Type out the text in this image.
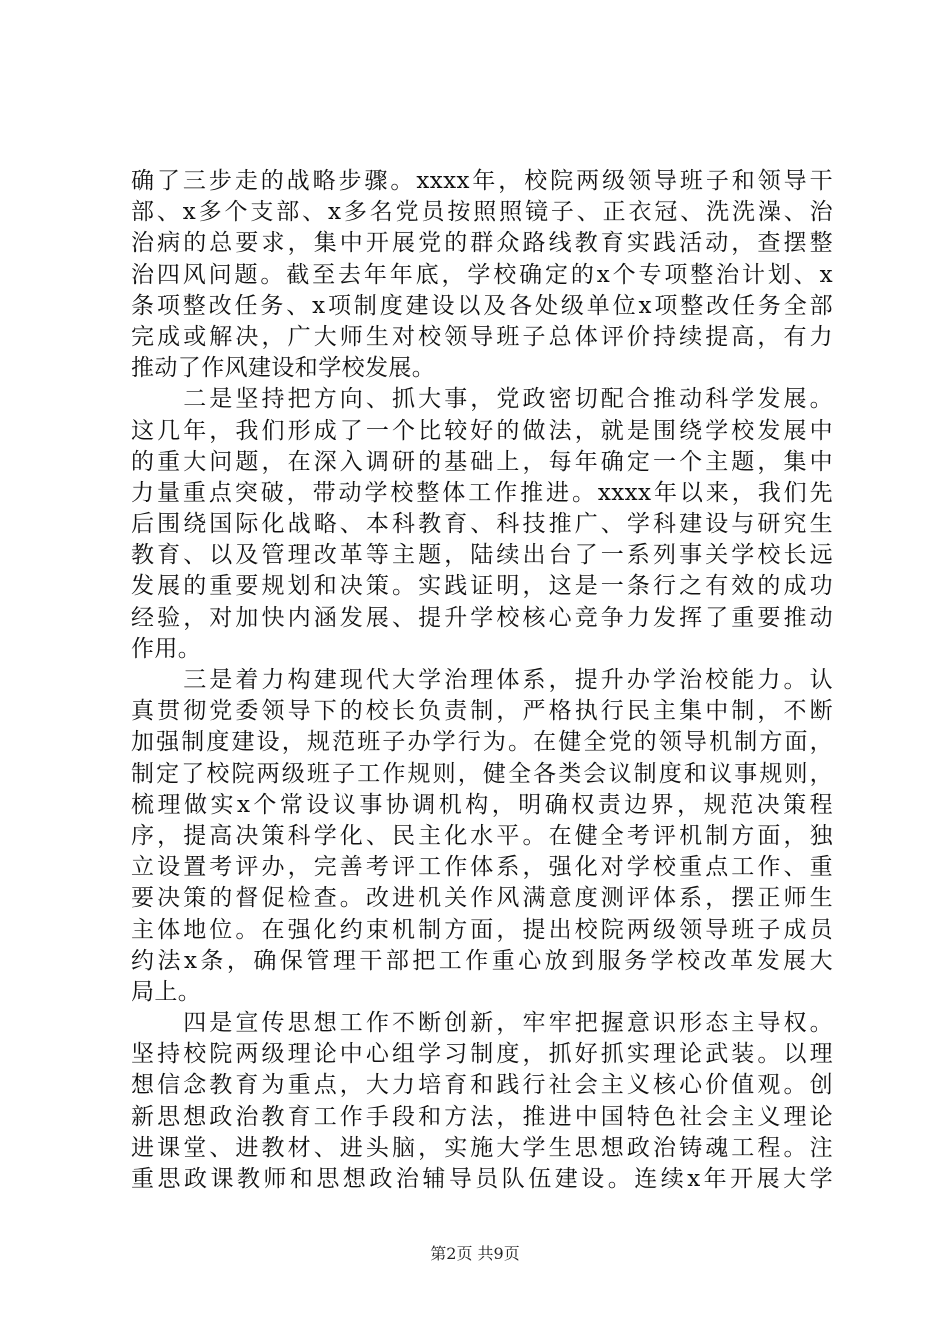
确了三步走的战略步骤。xxxx年，校院两级领导班子和领导干
部、x多个支部、x多名党员按照照镜子、正衣冠、洗洗澡、治
治病的总要求，集中开展党的群众路线教育实践活动，查摆整
治四风问题。截至去年年底，学校确定的x个专项整治计划、x
条项整改任务、x项制度建设以及各处级单位x项整改任务全部
完成或解决，广大师生对校领导班子总体评价持续提高，有力
推动了作风建设和学校发展。
　　二是坚持把方向、抓大事，党政密切配合推动科学发展。
这几年，我们形成了一个比较好的做法，就是围绕学校发展中
的重大问题，在深入调研的基础上，每年确定一个主题，集中
力量重点突破，带动学校整体工作推进。xxxx年以来，我们先
后围绕国际化战略、本科教育、科技推广、学科建设与研究生
教育、以及管理改革等主题，陆续出台了一系列事关学校长远
发展的重要规划和决策。实践证明，这是一条行之有效的成功
经验，对加快内涵发展、提升学校核心竞争力发挥了重要推动
作用。
　　三是着力构建现代大学治理体系，提升办学治校能力。认
真贯彻党委领导下的校长负责制，严格执行民主集中制，不断
加强制度建设，规范班子办学行为。在健全党的领导机制方面，
制定了校院两级班子工作规则，健全各类会议制度和议事规则，
梳理做实x个常设议事协调机构，明确权责边界，规范决策程
序，提高决策科学化、民主化水平。在健全考评机制方面，独
立设置考评办，完善考评工作体系，强化对学校重点工作、重
要决策的督促检查。改进机关作风满意度测评体系，摆正师生
主体地位。在强化约束机制方面，提出校院两级领导班子成员
约法x条，确保管理干部把工作重心放到服务学校改革发展大
局上。
　　四是宣传思想工作不断创新，牢牢把握意识形态主导权。
坚持校院两级理论中心组学习制度，抓好抓实理论武装。以理
想信念教育为重点，大力培育和践行社会主义核心价值观。创
新思想政治教育工作手段和方法，推进中国特色社会主义理论
进课堂、进教材、进头脑，实施大学生思想政治铸魂工程。注
重思政课教师和思想政治辅导员队伍建设。连续x年开展大学
第2页 共9页
